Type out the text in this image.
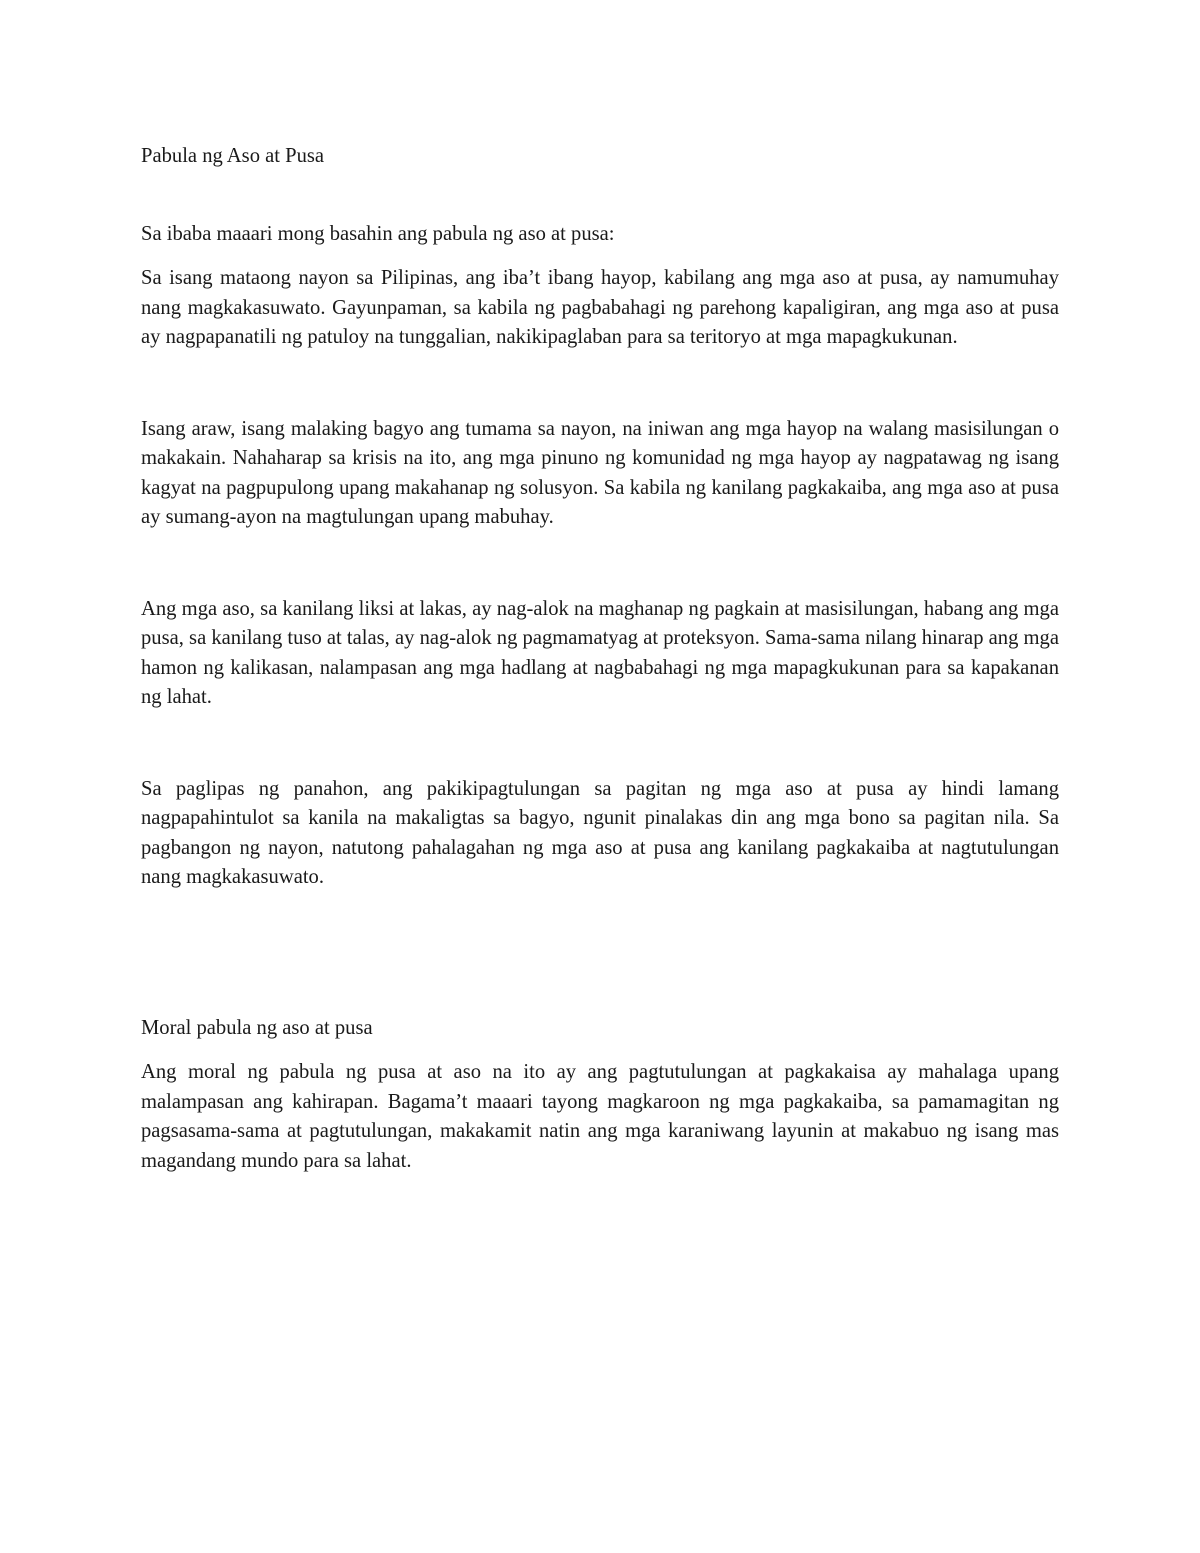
Pabula ng Aso at Pusa

Sa ibaba maaari mong basahin ang pabula ng aso at pusa:

Sa isang mataong nayon sa Pilipinas, ang iba’t ibang hayop, kabilang ang mga aso at pusa, ay namumuhay nang magkakasuwato. Gayunpaman, sa kabila ng pagbabahagi ng parehong kapaligiran, ang mga aso at pusa ay nagpapanatili ng patuloy na tunggalian, nakikipaglaban para sa teritoryo at mga mapagkukunan.

Isang araw, isang malaking bagyo ang tumama sa nayon, na iniwan ang mga hayop na walang masisilungan o makakain. Nahaharap sa krisis na ito, ang mga pinuno ng komunidad ng mga hayop ay nagpatawag ng isang kagyat na pagpupulong upang makahanap ng solusyon. Sa kabila ng kanilang pagkakaiba, ang mga aso at pusa ay sumang-ayon na magtulungan upang mabuhay.

Ang mga aso, sa kanilang liksi at lakas, ay nag-alok na maghanap ng pagkain at masisilungan, habang ang mga pusa, sa kanilang tuso at talas, ay nag-alok ng pagmamatyag at proteksyon. Sama-sama nilang hinarap ang mga hamon ng kalikasan, nalampasan ang mga hadlang at nagbabahagi ng mga mapagkukunan para sa kapakanan ng lahat.

Sa paglipas ng panahon, ang pakikipagtulungan sa pagitan ng mga aso at pusa ay hindi lamang nagpapahintulot sa kanila na makaligtas sa bagyo, ngunit pinalakas din ang mga bono sa pagitan nila. Sa pagbangon ng nayon, natutong pahalagahan ng mga aso at pusa ang kanilang pagkakaiba at nagtutulungan nang magkakasuwato.

Moral pabula ng aso at pusa

Ang moral ng pabula ng pusa at aso na ito ay ang pagtutulungan at pagkakaisa ay mahalaga upang malampasan ang kahirapan. Bagama’t maaari tayong magkaroon ng mga pagkakaiba, sa pamamagitan ng pagsasama-sama at pagtutulungan, makakamit natin ang mga karaniwang layunin at makabuo ng isang mas magandang mundo para sa lahat.
